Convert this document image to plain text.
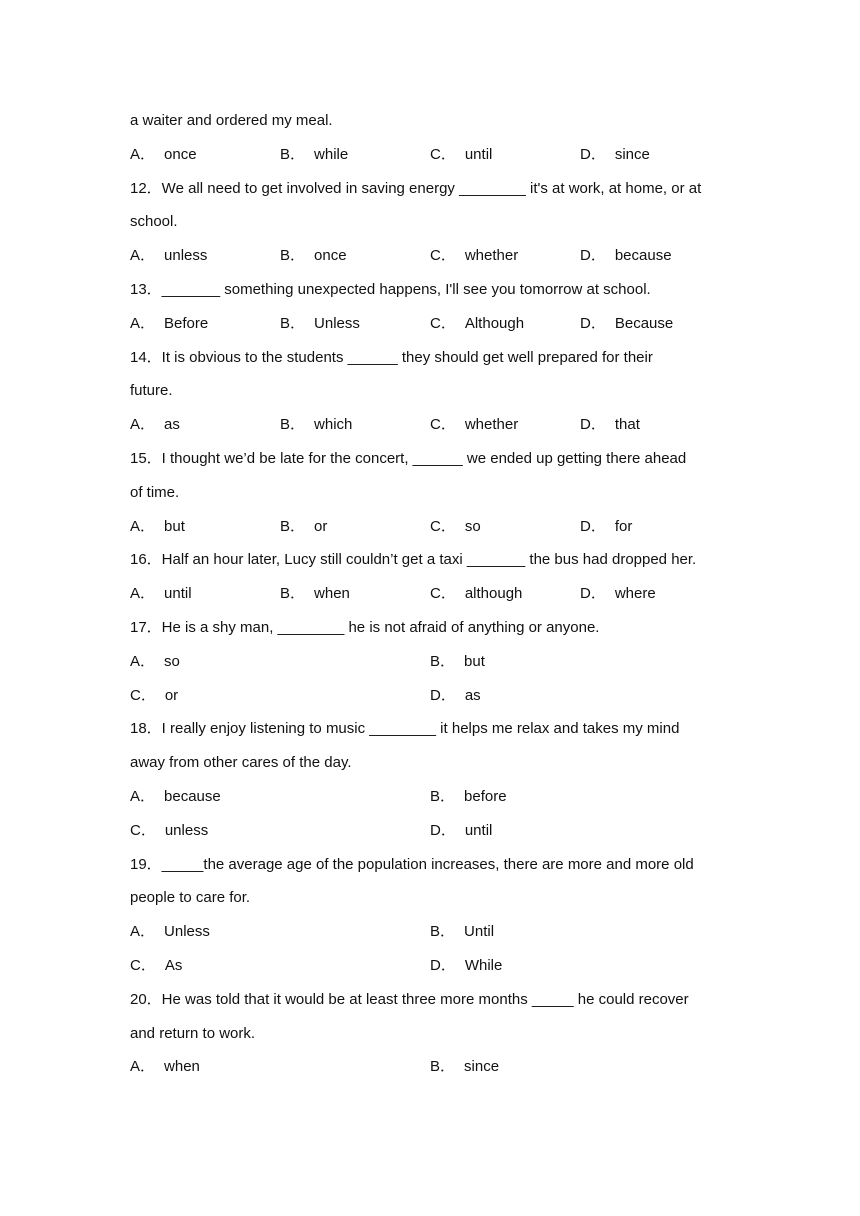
a waiter and ordered my meal.
A． once	B． while	C． until	D． since
12．We all need to get involved in saving energy ________ it's at work, at home, or at
school.
A． unless	B． once	C． whether	D． because
13．_______ something unexpected happens, I'll see you tomorrow at school.
A． Before	B． Unless	C． Although	D． Because
14．It is obvious to the students ______ they should get well prepared for their
future.
A． as	B． which	C． whether	D． that
15．I thought we’d be late for the concert, ______ we ended up getting there ahead
of time.
A． but	B． or	C． so	D． for
16．Half an hour later, Lucy still couldn’t get a taxi _______ the bus had dropped her.
A． until	B． when	C． although	D． where
17．He is a shy man, ________ he is not afraid of anything or anyone.
A． so	B． but
C． or	D． as
18．I really enjoy listening to music ________ it helps me relax and takes my mind
away from other cares of the day.
A． because	B． before
C． unless	D． until
19．_____the average age of the population increases, there are more and more old
people to care for.
A． Unless	B． Until
C． As	D． While
20．He was told that it would be at least three more months _____ he could recover
and return to work.
A． when	B． since
